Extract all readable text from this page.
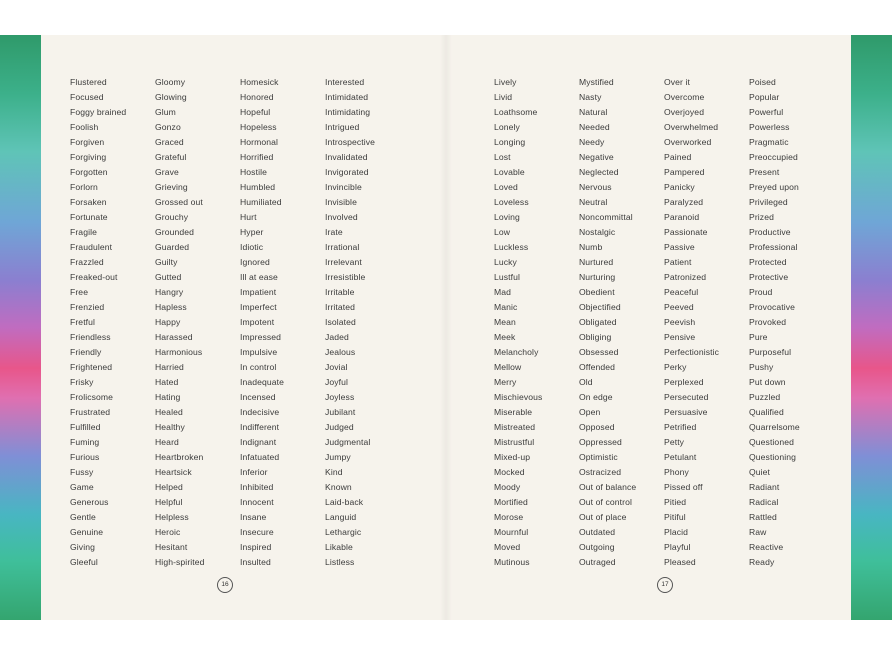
Flustered
Focused
Foggy brained
Foolish
Forgiven
Forgiving
Forgotten
Forlorn
Forsaken
Fortunate
Fragile
Fraudulent
Frazzled
Freaked-out
Free
Frenzied
Fretful
Friendless
Friendly
Frightened
Frisky
Frolicsome
Frustrated
Fulfilled
Fuming
Furious
Fussy
Game
Generous
Gentle
Genuine
Giving
Gleeful
Gloomy
Glowing
Glum
Gonzo
Graced
Grateful
Grave
Grieving
Grossed out
Grouchy
Grounded
Guarded
Guilty
Gutted
Hangry
Hapless
Happy
Harassed
Harmonious
Harried
Hated
Hating
Healed
Healthy
Heard
Heartbroken
Heartsick
Helped
Helpful
Helpless
Heroic
Hesitant
High-spirited
Homesick
Honored
Hopeful
Hopeless
Hormonal
Horrified
Hostile
Humbled
Humiliated
Hurt
Hyper
Idiotic
Ignored
Ill at ease
Impatient
Imperfect
Impotent
Impressed
Impulsive
In control
Inadequate
Incensed
Indecisive
Indifferent
Indignant
Infatuated
Inferior
Inhibited
Innocent
Insane
Insecure
Inspired
Insulted
Interested
Intimidated
Intimidating
Intrigued
Introspective
Invalidated
Invigorated
Invincible
Invisible
Involved
Irate
Irrational
Irrelevant
Irresistible
Irritable
Irritated
Isolated
Jaded
Jealous
Jovial
Joyful
Joyless
Jubilant
Judged
Judgmental
Jumpy
Kind
Known
Laid-back
Languid
Lethargic
Likable
Listless
Lively
Livid
Loathsome
Lonely
Longing
Lost
Lovable
Loved
Loveless
Loving
Low
Luckless
Lucky
Lustful
Mad
Manic
Mean
Meek
Melancholy
Mellow
Merry
Mischievous
Miserable
Mistreated
Mistrustful
Mixed-up
Mocked
Moody
Mortified
Morose
Mournful
Moved
Mutinous
Mystified
Nasty
Natural
Needed
Needy
Negative
Neglected
Nervous
Neutral
Noncommittal
Nostalgic
Numb
Nurtured
Nurturing
Obedient
Objectified
Obligated
Obliging
Obsessed
Offended
Old
On edge
Open
Opposed
Oppressed
Optimistic
Ostracized
Out of balance
Out of control
Out of place
Outdated
Outgoing
Outraged
Over it
Overcome
Overjoyed
Overwhelmed
Overworked
Pained
Pampered
Panicky
Paralyzed
Paranoid
Passionate
Passive
Patient
Patronized
Peaceful
Peeved
Peevish
Pensive
Perfectionistic
Perky
Perplexed
Persecuted
Persuasive
Petrified
Petty
Petulant
Phony
Pissed off
Pitied
Pitiful
Placid
Playful
Pleased
Poised
Popular
Powerful
Powerless
Pragmatic
Preoccupied
Present
Preyed upon
Privileged
Prized
Productive
Professional
Protected
Protective
Proud
Provocative
Provoked
Pure
Purposeful
Pushy
Put down
Puzzled
Qualified
Quarrelsome
Questioned
Questioning
Quiet
Radiant
Radical
Rattled
Raw
Reactive
Ready
16	17
